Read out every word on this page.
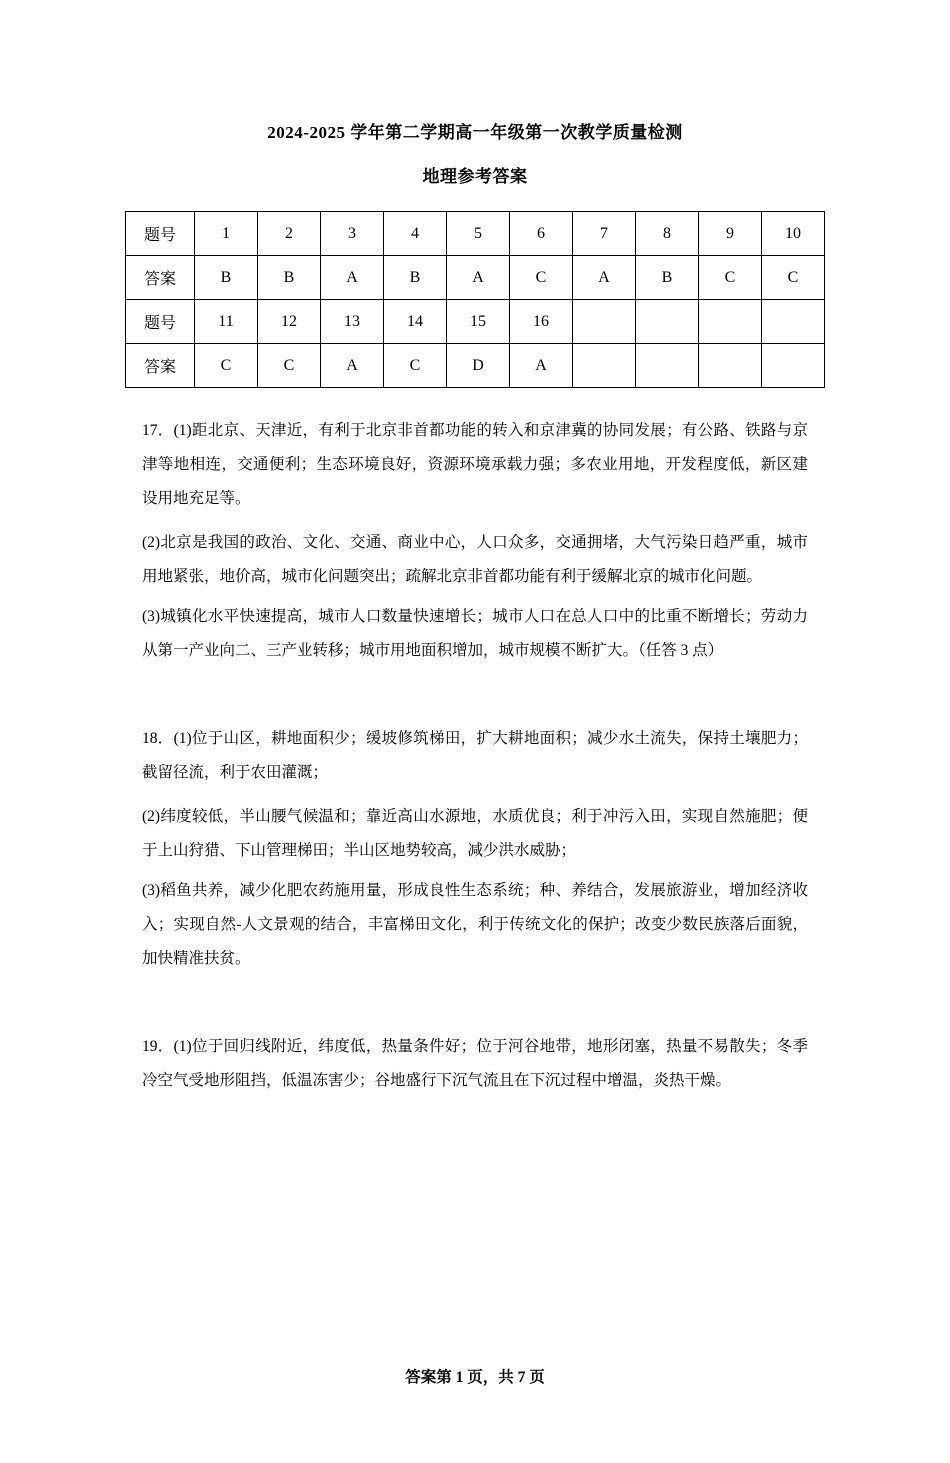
2024-2025 学年第二学期高一年级第一次教学质量检测
地理参考答案
题号	1	2	3	4	5	6	7	8	9	10
答案	B	B	A	B	A	C	A	B	C	C
题号	11	12	13	14	15	16				
答案	C	C	A	C	D	A				

17．(1)距北京、天津近，有利于北京非首都功能的转入和京津冀的协同发展；有公路、铁路与京津等地相连，交通便利；生态环境良好，资源环境承载力强；多农业用地，开发程度低，新区建设用地充足等。

(2)北京是我国的政治、文化、交通、商业中心，人口众多，交通拥堵，大气污染日趋严重，城市用地紧张，地价高，城市化问题突出；疏解北京非首都功能有利于缓解北京的城市化问题。

(3)城镇化水平快速提高，城市人口数量快速增长；城市人口在总人口中的比重不断增长；劳动力从第一产业向二、三产业转移；城市用地面积增加，城市规模不断扩大。（任答 3 点）

18．(1)位于山区，耕地面积少；缓坡修筑梯田，扩大耕地面积；减少水土流失，保持土壤肥力；截留径流，利于农田灌溉；

(2)纬度较低，半山腰气候温和；靠近高山水源地，水质优良；利于冲污入田，实现自然施肥；便于上山狩猎、下山管理梯田；半山区地势较高，减少洪水威胁；

(3)稻鱼共养，减少化肥农药施用量，形成良性生态系统；种、养结合，发展旅游业，增加经济收入；实现自然-人文景观的结合，丰富梯田文化，利于传统文化的保护；改变少数民族落后面貌，加快精准扶贫。

19．(1)位于回归线附近，纬度低，热量条件好；位于河谷地带，地形闭塞，热量不易散失；冬季冷空气受地形阻挡，低温冻害少；谷地盛行下沉气流且在下沉过程中增温，炎热干燥。

答案第 1 页，共 7 页
